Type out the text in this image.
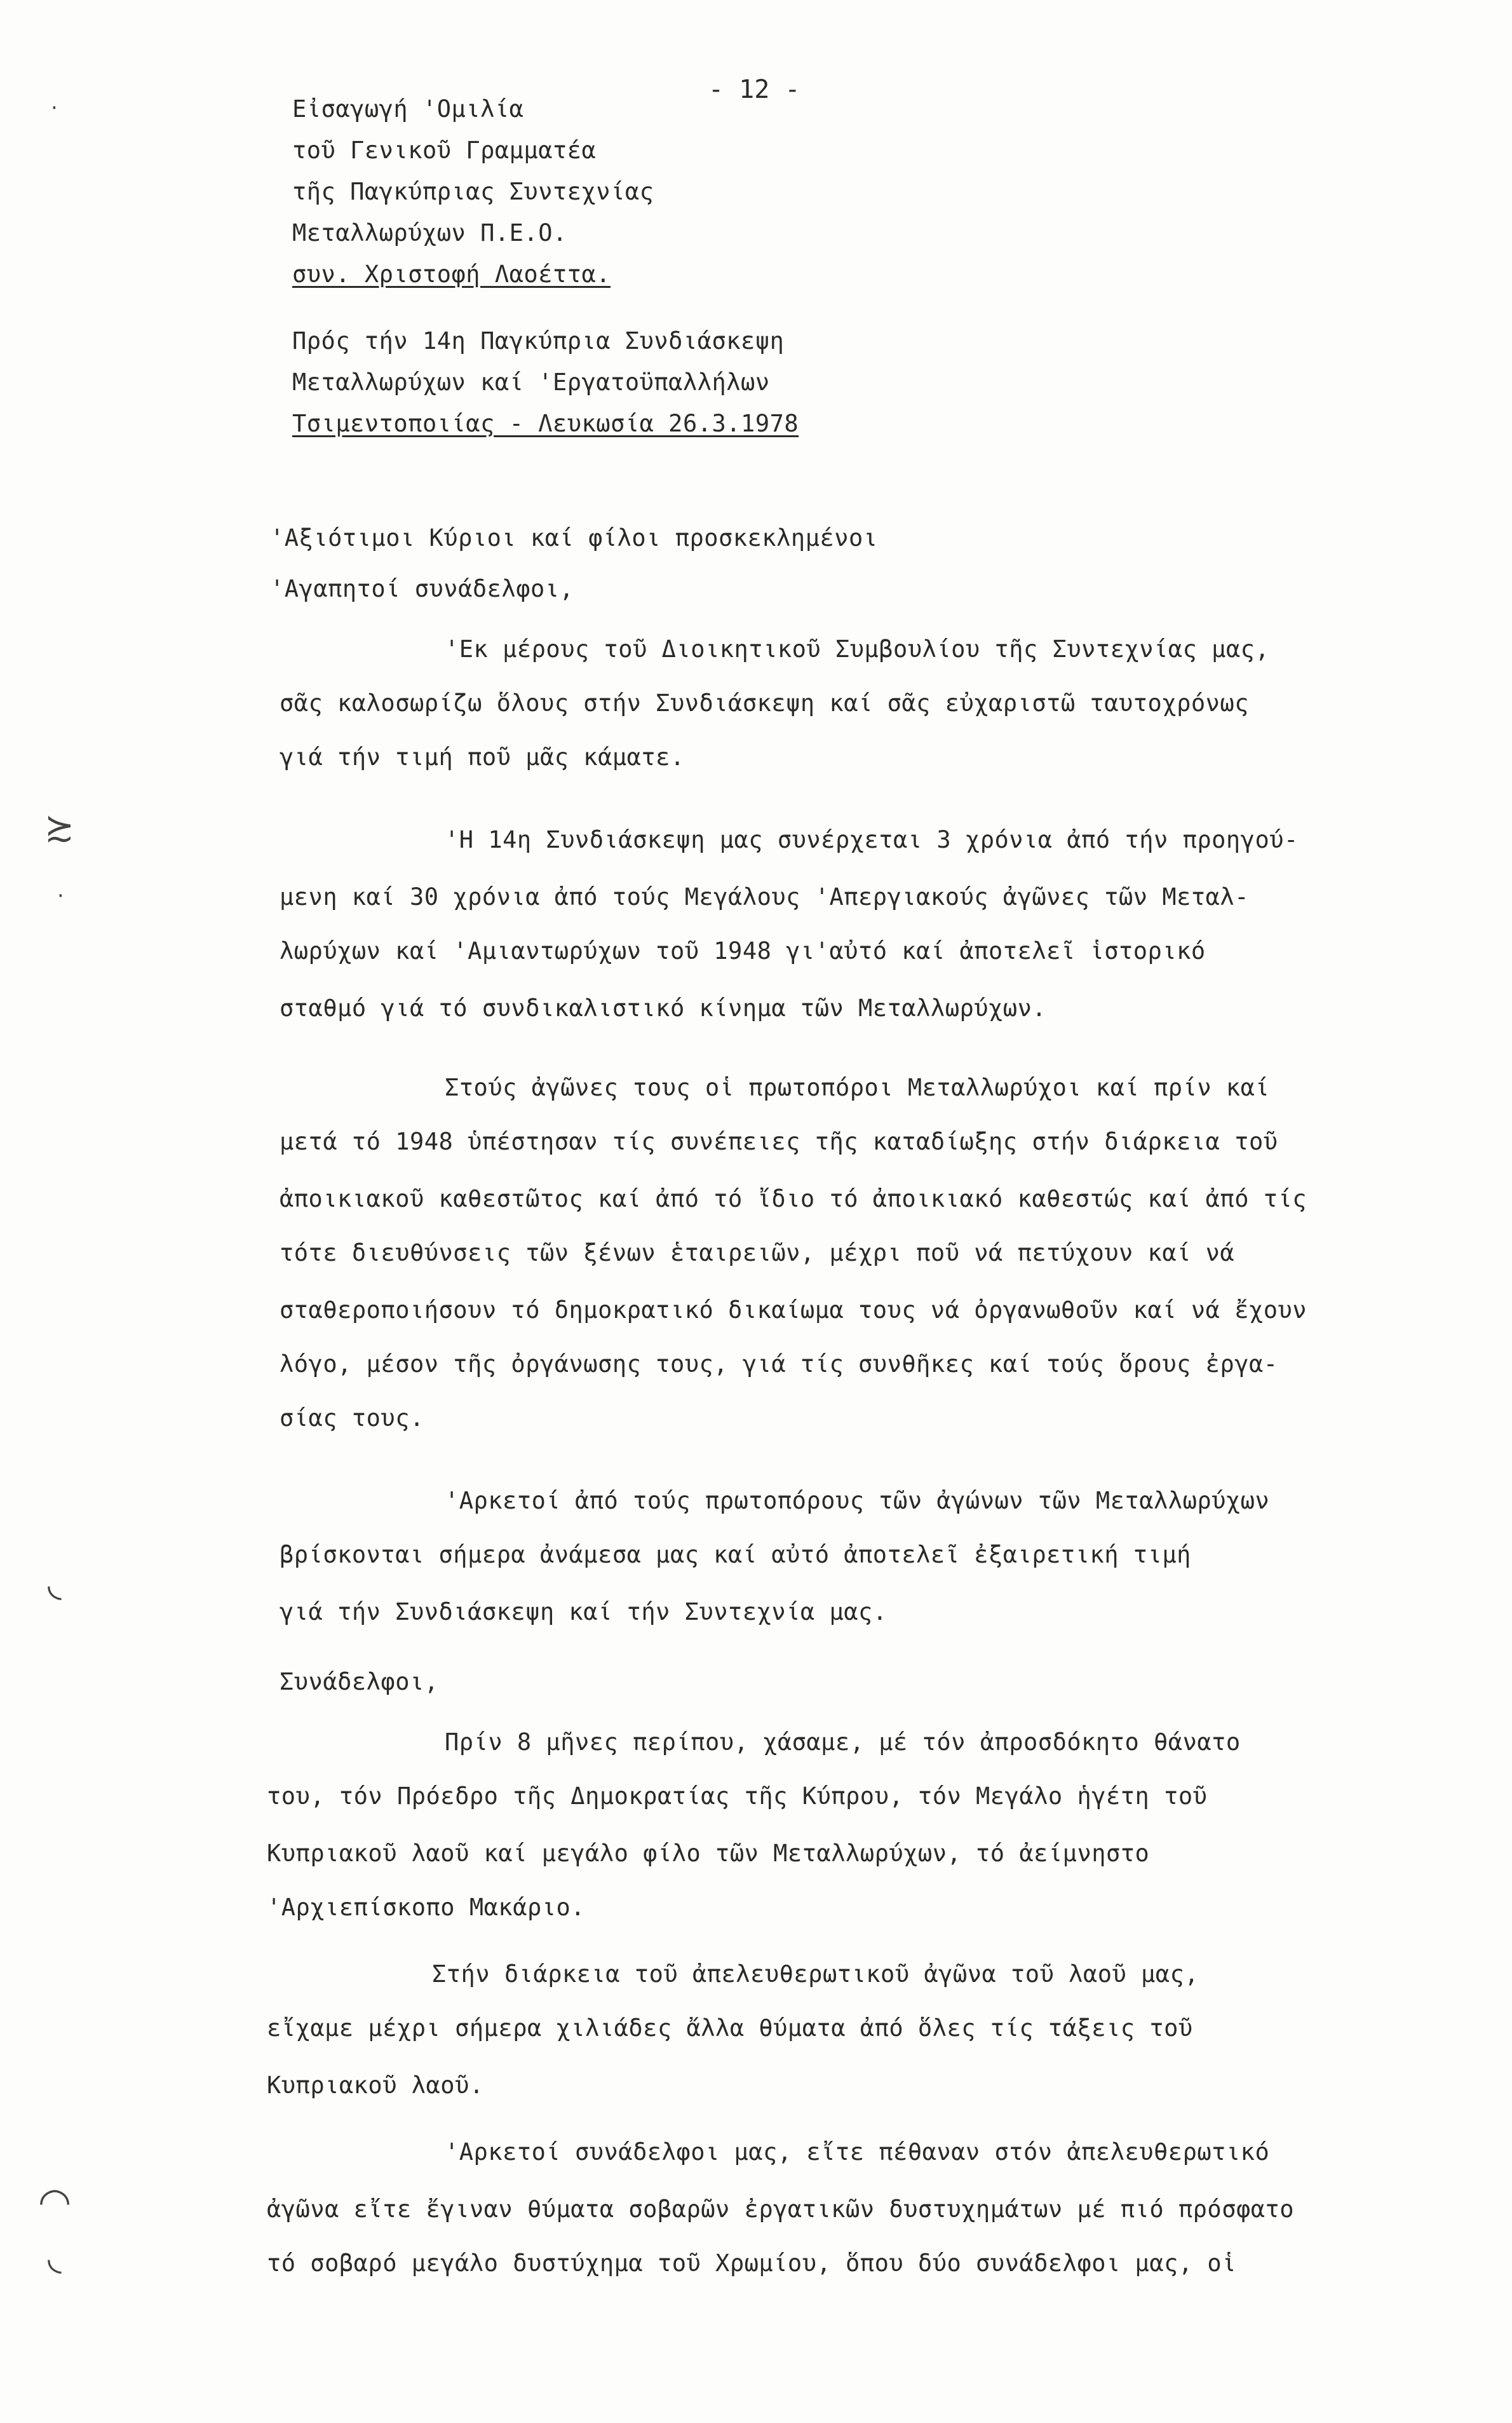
- 12 -
Εἰσαγωγή 'Ομιλία
τοῦ Γενικοῦ Γραμματέα
τῆς Παγκύπριας Συντεχνίας
Μεταλλωρύχων Π.Ε.Ο.
συν. Χριστοφή Λαοέττα.
Πρός τήν 14η Παγκύπρια Συνδιάσκεψη
Μεταλλωρύχων καί 'Εργατοϋπαλλήλων
Τσιμεντοποιίας - Λευκωσία 26.3.1978
'Αξιότιμοι Κύριοι καί φίλοι προσκεκλημένοι
'Αγαπητοί συνάδελφοι,
'Εκ μέρους τοῦ Διοικητικοῦ Συμβουλίου τῆς Συντεχνίας μας,
σᾶς καλοσωρίζω ὅλους στήν Συνδιάσκεψη καί σᾶς εὐχαριστῶ ταυτοχρόνως
γιά τήν τιμή ποῦ μᾶς κάματε.
'Η 14η Συνδιάσκεψη μας συνέρχεται 3 χρόνια ἀπό τήν προηγού-
μενη καί 30 χρόνια ἀπό τούς Μεγάλους 'Απεργιακούς ἀγῶνες τῶν Μεταλ-
λωρύχων καί 'Αμιαντωρύχων τοῦ 1948 γι'αὐτό καί ἀποτελεῖ ἱστορικό
σταθμό γιά τό συνδικαλιστικό κίνημα τῶν Μεταλλωρύχων.
Στούς ἀγῶνες τους οἱ πρωτοπόροι Μεταλλωρύχοι καί πρίν καί
μετά τό 1948 ὑπέστησαν τίς συνέπειες τῆς καταδίωξης στήν διάρκεια τοῦ
ἀποικιακοῦ καθεστῶτος καί ἀπό τό ἴδιο τό ἀποικιακό καθεστώς καί ἀπό τίς
τότε διευθύνσεις τῶν ξένων ἑταιρειῶν, μέχρι ποῦ νά πετύχουν καί νά
σταθεροποιήσουν τό δημοκρατικό δικαίωμα τους νά ὀργανωθοῦν καί νά ἔχουν
λόγο, μέσον τῆς ὀργάνωσης τους, γιά τίς συνθῆκες καί τούς ὅρους ἐργα-
σίας τους.
'Αρκετοί ἀπό τούς πρωτοπόρους τῶν ἀγώνων τῶν Μεταλλωρύχων
βρίσκονται σήμερα ἀνάμεσα μας καί αὐτό ἀποτελεῖ ἐξαιρετική τιμή
γιά τήν Συνδιάσκεψη καί τήν Συντεχνία μας.
Συνάδελφοι,
Πρίν 8 μῆνες περίπου, χάσαμε, μέ τόν ἀπροσδόκητο θάνατο
του, τόν Πρόεδρο τῆς Δημοκρατίας τῆς Κύπρου, τόν Μεγάλο ἡγέτη τοῦ
Κυπριακοῦ λαοῦ καί μεγάλο φίλο τῶν Μεταλλωρύχων, τό ἀείμνηστο
'Αρχιεπίσκοπο Μακάριο.
Στήν διάρκεια τοῦ ἀπελευθερωτικοῦ ἀγῶνα τοῦ λαοῦ μας,
εἴχαμε μέχρι σήμερα χιλιάδες ἄλλα θύματα ἀπό ὅλες τίς τάξεις τοῦ
Κυπριακοῦ λαοῦ.
'Αρκετοί συνάδελφοι μας, εἴτε πέθαναν στόν ἀπελευθερωτικό
ἀγῶνα εἴτε ἔγιναν θύματα σοβαρῶν ἐργατικῶν δυστυχημάτων μέ πιό πρόσφατο
τό σοβαρό μεγάλο δυστύχημα τοῦ Χρωμίου, ὅπου δύο συνάδελφοι μας, οἱ
·
≿
·
◟
◠
◟
